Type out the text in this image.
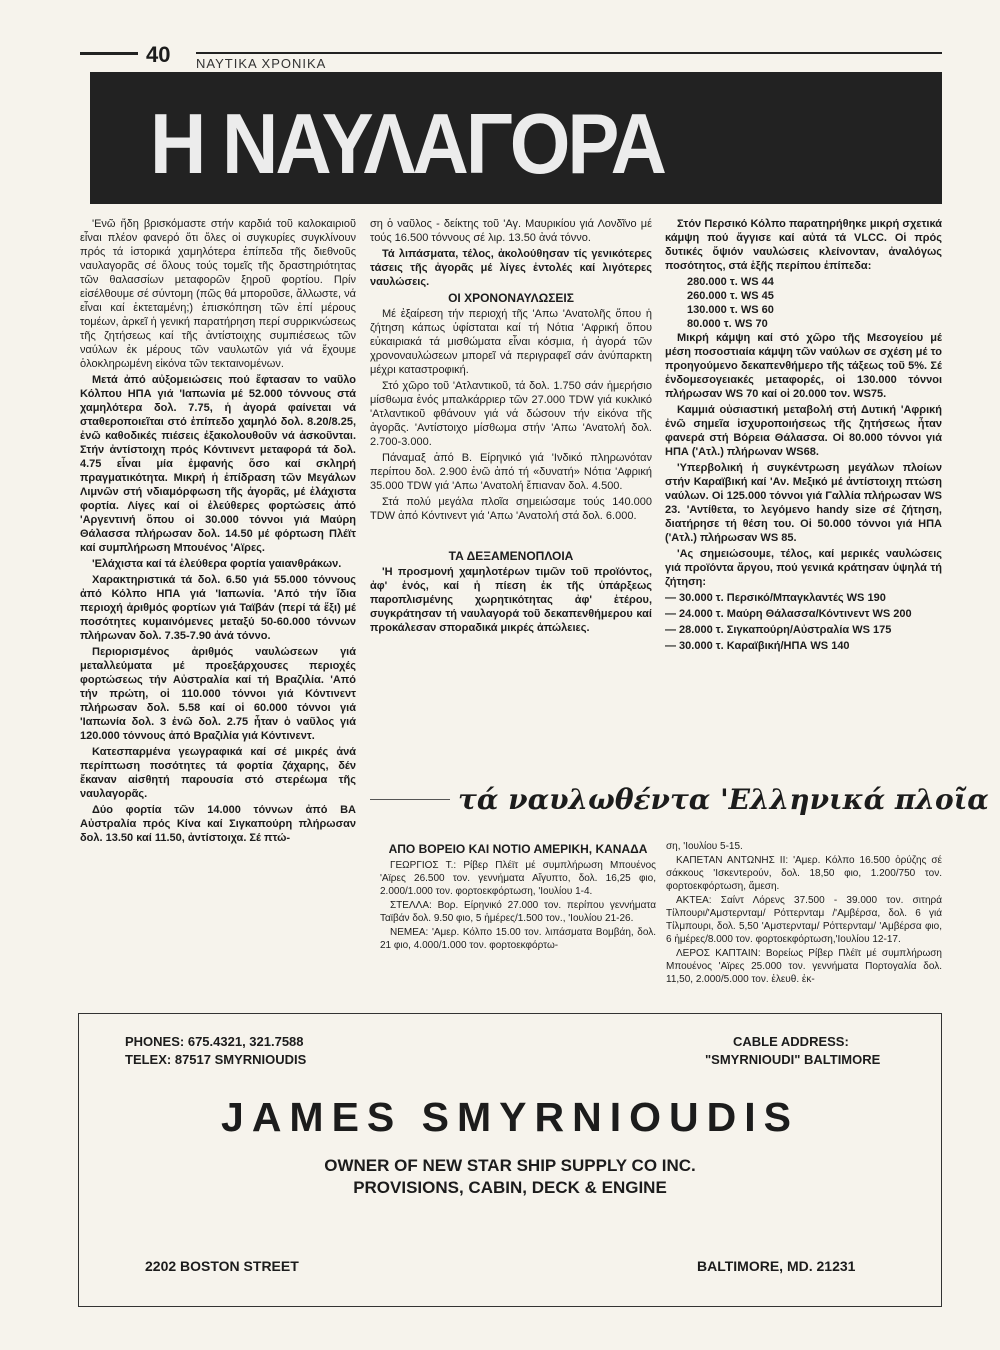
40 ΝΑΥΤΙΚΑ ΧΡΟΝΙΚΑ
Η ΝΑΥΛΑΓΟΡΑ

'Ενῶ ἤδη βρισκόμαστε στήν καρδιά τοῦ καλοκαιριοῦ εἶναι πλέον φανερό ὅτι ὅλες οἱ συγκυρίες συγκλίνουν πρός τά ἱστορικά χαμηλότερα ἐπίπεδα τῆς διεθνοῦς ναυλαγορᾶς σέ ὅλους τούς τομεῖς τῆς δραστηριότητας τῶν θαλασσίων μεταφορῶν ξηροῦ φορτίου. Πρίν εἰσέλθουμε σέ σύντομη (πῶς θά μποροῦσε, ἄλλωστε, νά εἶναι καί ἐκτεταμένη;) ἐπισκόπηση τῶν ἐπί μέρους τομέων, ἀρκεῖ ἡ γενική παρατήρηση περί συρρικνώσεως τῆς ζητήσεως καί τῆς ἀντίστοιχης συμπιέσεως τῶν ναύλων ἐκ μέρους τῶν ναυλωτῶν γιά νά ἔχουμε ὁλοκληρωμένη εἰκόνα τῶν τεκταινομένων.

Μετά ἀπό αὐξομειώσεις πού ἔφτασαν το ναῦλο Κόλπου ΗΠΑ γιά 'Ιαπωνία μέ 52.000 τόννους στά χαμηλότερα δολ. 7.75, ἡ ἀγορά φαίνεται νά σταθεροποιεῖται στό ἐπίπεδο χαμηλό δολ. 8.20/8.25, ἐνῶ καθοδικές πιέσεις ἐξακολουθοῦν νά ἀσκοῦνται. Στήν ἀντίστοιχη πρός Κόντινεντ μεταφορά τά δολ. 4.75 εἶναι μία ἐμφανής ὅσο καί σκληρή πραγματικότητα. Μικρή ἡ ἐπίδραση τῶν Μεγάλων Λιμνῶν στή νδιαμόρφωση τῆς ἀγορᾶς, μέ ἐλάχιστα φορτία. Λίγες καί οἱ ἐλεύθερες φορτώσεις ἀπό 'Αργεντινή ὅπου οἱ 30.000 τόννοι γιά Μαύρη Θάλασσα πλήρωσαν δολ. 14.50 μέ φόρτωση Πλέϊτ καί συμπλήρωση Μπουένος 'Αϊρες.

'Ελάχιστα καί τά ἐλεύθερα φορτία γαιανθράκων.

Χαρακτηριστικά τά δολ. 6.50 γιά 55.000 τόννους ἀπό Κόλπο ΗΠΑ γιά 'Ιαπωνία. 'Από τήν ἴδια περιοχή ἀριθμός φορτίων γιά Ταϊβάν (περί τά ἕξι) μέ ποσότητες κυμαινόμενες μεταξύ 50-60.000 τόννων πλήρωναν δολ. 7.35-7.90 ἀνά τόννο.

Περιορισμένος ἀριθμός ναυλώσεων γιά μεταλλεύματα μέ προεξάρχουσες περιοχές φορτώσεως τήν Αὐστραλία καί τή Βραζιλία. 'Από τήν πρώτη, οἱ 110.000 τόννοι γιά Κόντινεντ πλήρωσαν δολ. 5.58 καί οἱ 60.000 τόννοι γιά 'Ιαπωνία δολ. 3 ἐνῶ δολ. 2.75 ἦταν ὁ ναῦλος γιά 120.000 τόννους ἀπό Βραζιλία γιά Κόντινεντ.

Κατεσπαρμένα γεωγραφικά καί σέ μικρές ἀνά περίπτωση ποσότητες τά φορτία ζάχαρης, δέν ἔκαναν αἰσθητή παρουσία στό στερέωμα τῆς ναυλαγορᾶς.

Δύο φορτία τῶν 14.000 τόννων ἀπό ΒΑ Αὐστραλία πρός Κίνα καί Σιγκαπούρη πλήρωσαν δολ. 13.50 καί 11.50, ἀντίστοιχα. Σέ πτώ-

ση ὁ ναῦλος - δείκτης τοῦ 'Αγ. Μαυρικίου γιά Λονδῖνο μέ τούς 16.500 τόννους σέ λιρ. 13.50 ἀνά τόννο.

Τά λιπάσματα, τέλος, ἀκολούθησαν τίς γενικότερες τάσεις τῆς ἀγορᾶς μέ λίγες ἐντολές καί λιγότερες ναυλώσεις.

ΟΙ ΧΡΟΝΟΝΑΥΛΩΣΕΙΣ

Μέ ἐξαίρεση τήν περιοχή τῆς 'Απω 'Ανατολῆς ὅπου ἡ ζήτηση κάπως ὑφίσταται καί τή Νότια 'Αφρική ὅπου εὐκαιριακά τά μισθώματα εἶναι κόσμια, ἡ ἀγορά τῶν χρονοναυλώσεων μπορεῖ νά περιγραφεῖ σάν ἀνύπαρκτη μέχρι καταστροφική.

Στό χῶρο τοῦ 'Ατλαντικοῦ, τά δολ. 1.750 σάν ἡμερήσιο μίσθωμα ἑνός μπαλκάρριερ τῶν 27.000 TDW γιά κυκλικό 'Ατλαντικοῦ φθάνουν γιά νά δώσουν τήν εἰκόνα τῆς ἀγορᾶς. 'Αντίστοιχο μίσθωμα στήν 'Απω 'Ανατολή δολ. 2.700-3.000.

Πάναμαξ ἀπό Β. Είρηνικό γιά 'Ινδικό πληρωνόταν περίπου δολ. 2.900 ἐνῶ ἀπό τή «δυνατή» Νότια 'Αφρική 35.000 TDW γιά 'Απω 'Ανατολή ἔπιαναν δολ. 4.500.

Στά πολύ μεγάλα πλοῖα σημειώσαμε τούς 140.000 TDW ἀπό Κόντινεντ γιά 'Απω 'Ανατολή στά δολ. 6.000.

ΤΑ ΔΕΞΑΜΕΝΟΠΛΟΙΑ

'Η προσμονή χαμηλοτέρων τιμῶν τοῦ προϊόντος, ἀφ' ἑνός, καί ἡ πίεση ἐκ τῆς ὑπάρξεως παροπλισμένης χωρητικότητας ἀφ' ἑτέρου, συγκράτησαν τή ναυλαγορά τοῦ δεκαπενθήμερου καί προκάλεσαν σποραδικά μικρές ἀπώλειες.

Στόν Περσικό Κόλπο παρατηρήθηκε μικρή σχετικά κάμψη πού ἄγγισε καί αὐτά τά VLCC. Οἱ πρός δυτικές ὄψιόν ναυλώσεις κλείνονταν, ἀναλόγως ποσότητος, στά ἑξῆς περίπου ἐπίπεδα:

280.000 τ. WS 44

260.000 τ. WS 45

130.000 τ. WS 60

80.000 τ. WS 70

Μικρή κάμψη καί στό χῶρο τῆς Μεσογείου μέ μέση ποσοστιαία κάμψη τῶν ναύλων σε σχέση μέ το προηγούμενο δεκαπενθήμερο τῆς τάξεως τοῦ 5%. Σέ ἐνδομεσογειακές μεταφορές, οἱ 130.000 τόννοι πλήρωσαν WS 70 καί οἱ 20.000 τον. WS75.

Καμμιά οὐσιαστική μεταβολή στή Δυτική 'Αφρική ἐνῶ σημεῖα ἰσχυροποιήσεως τῆς ζητήσεως ἦταν φανερά στή Βόρεια Θάλασσα. Οἱ 80.000 τόννοι γιά ΗΠΑ ('Ατλ.) πλήρωναν WS68.

'Υπερβολική ἡ συγκέντρωση μεγάλων πλοίων στήν Καραϊβική καί 'Αν. Μεξικό μέ ἀντίστοιχη πτώση ναύλων. Οἱ 125.000 τόννοι γιά Γαλλία πλήρωσαν WS 23. 'Αντίθετα, το λεγόμενο handy size σέ ζήτηση, διατήρησε τή θέση του. Οἱ 50.000 τόννοι γιά ΗΠΑ ('Ατλ.) πλήρωσαν WS 85.

'Ας σημειώσουμε, τέλος, καί μερικές ναυλώσεις γιά προϊόντα ἄργου, πού γενικά κράτησαν ὑψηλά τή ζήτηση:

— 30.000 τ. Περσικό/Μπαγκλαντές WS 190

— 24.000 τ. Μαύρη Θάλασσα/Κόντινεντ WS 200

— 28.000 τ. Σιγκαπούρη/Αὐστραλία WS 175

— 30.000 τ. Καραϊβική/ΗΠΑ WS 140

τά ναυλωθέντα 'Ελληνικά πλοῖα

ΑΠΟ ΒΟΡΕΙΟ ΚΑΙ ΝΟΤΙΟ ΑΜΕΡΙΚΗ, ΚΑΝΑΔΑ

ΓΕΩΡΓΙΟΣ Τ.: Ρίβερ Πλέϊτ μέ συμπλήρωση Μπουένος 'Αϊρες 26.500 τον. γεννήματα Αἴγυπτο, δολ. 16,25 φιο, 2.000/1.000 τον. φορτοεκφόρτωση, 'Ιουλίου 1-4.

ΣΤΕΛΛΑ: Βορ. Είρηνικό 27.000 τον. περίπου γεννήματα Ταϊβάν δολ. 9.50 φιο, 5 ἡμέρες/1.500 τον., 'Ιουλίου 21-26.

ΝΕΜΕΑ: 'Αμερ. Κόλπο 15.00 τον. λιπάσματα Βομβάη, δολ. 21 φιο, 4.000/1.000 τον. φορτοεκφόρτω-

ση, 'Ιουλίου 5-15.

ΚΑΠΕΤΑΝ ΑΝΤΩΝΗΣ II: 'Αμερ. Κόλπο 16.500 ὀρύζης σέ σάκκους 'Ισκεντερούν, δολ. 18,50 φιο, 1.200/750 τον. φορτοεκφόρτωση, ἄμεση.

ΑΚΤΕΑ: Σαίντ Λόρενς 37.500 - 39.000 τον. σιτηρά Τίλπουρι/'Αμστερνταμ/ Ρόττερνταμ /'Αμβέρσα, δολ. 6 γιά Τίλμπουρι, δολ. 5,50 'Αμστερνταμ/ Ρόττερνταμ/ 'Αμβέρσα φιο, 6 ἡμέρες/8.000 τον. φορτοεκφόρτωση,'Ιουλίου 12-17.

ΛΕΡΟΣ ΚΑΠΤΑΙΝ: Βορείως Ρίβερ Πλέϊτ μέ συμπλήρωση Μπουένος 'Αϊρες 25.000 τον. γεννήματα Πορτογαλία δολ. 11,50, 2.000/5.000 τον. ἐλευθ. ἐκ-

PHONES: 675.4321, 321.7588
TELEX: 87517 SMYRNIOUDIS
CABLE ADDRESS:
"SMYRNIOUDI" BALTIMORE
JAMES SMYRNIOUDIS
OWNER OF NEW STAR SHIP SUPPLY CO INC.
PROVISIONS, CABIN, DECK & ENGINE
2202 BOSTON STREET	BALTIMORE, MD. 21231
